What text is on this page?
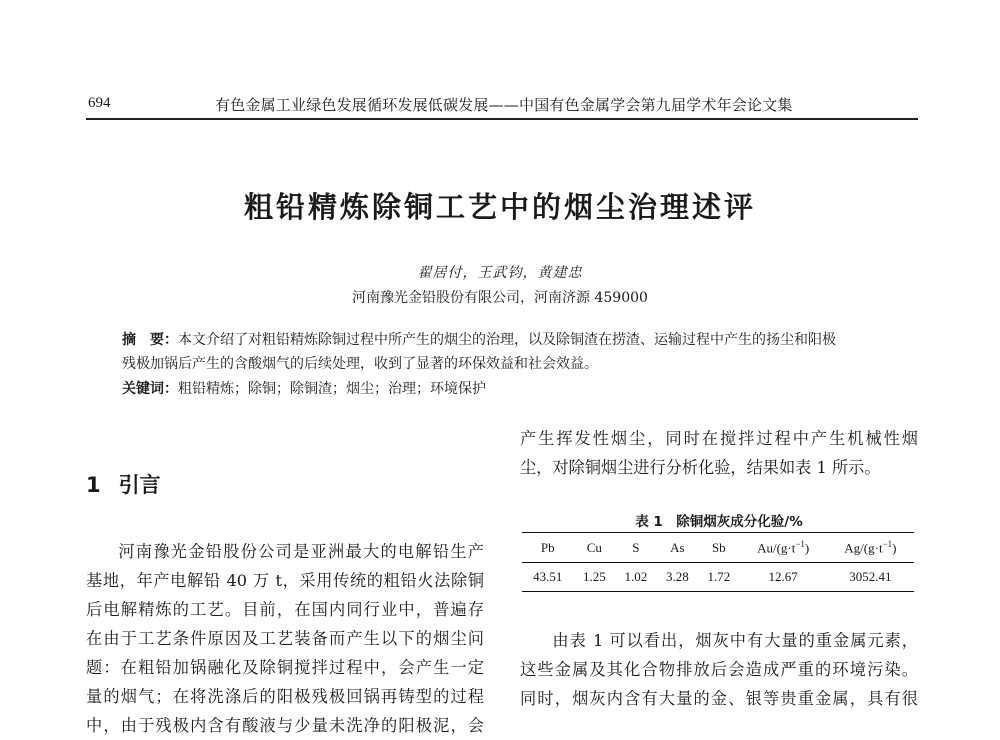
694	有色金属工业绿色发展循环发展低碳发展——中国有色金属学会第九届学术年会论文集
粗铅精炼除铜工艺中的烟尘治理述评
翟居付，王武钧，黄建忠
河南豫光金铅股份有限公司，河南济源 459000
摘　要：本文介绍了对粗铅精炼除铜过程中所产生的烟尘的治理，以及除铜渣在捞渣、运输过程中产生的扬尘和阳极
残极加锅后产生的含酸烟气的后续处理，收到了显著的环保效益和社会效益。
关键词：粗铅精炼；除铜；除铜渣；烟尘；治理；环境保护
1 引言
河南豫光金铅股份公司是亚洲最大的电解铅生产
基地，年产电解铅 40 万 t，采用传统的粗铅火法除铜
后电解精炼的工艺。目前，在国内同行业中，普遍存
在由于工艺条件原因及工艺装备而产生以下的烟尘问
题：在粗铅加锅融化及除铜搅拌过程中，会产生一定
量的烟气；在将洗涤后的阳极残极回锅再铸型的过程
中，由于残极内含有酸液与少量未洗净的阳极泥，会
产生挥发性烟尘，同时在搅拌过程中产生机械性烟
尘，对除铜烟尘进行分析化验，结果如表 1 所示。
表 1　除铜烟灰成分化验/%
Pb	Cu	S	As	Sb	$Au/(g\cdot t^{-1})$	$Ag/(g\cdot t^{-1})$
43.51	1.25	1.02	3.28	1.72	12.67	3052.41
由表 1 可以看出，烟灰中有大量的重金属元素，
这些金属及其化合物排放后会造成严重的环境污染。
同时，烟灰内含有大量的金、银等贵重金属，具有很
